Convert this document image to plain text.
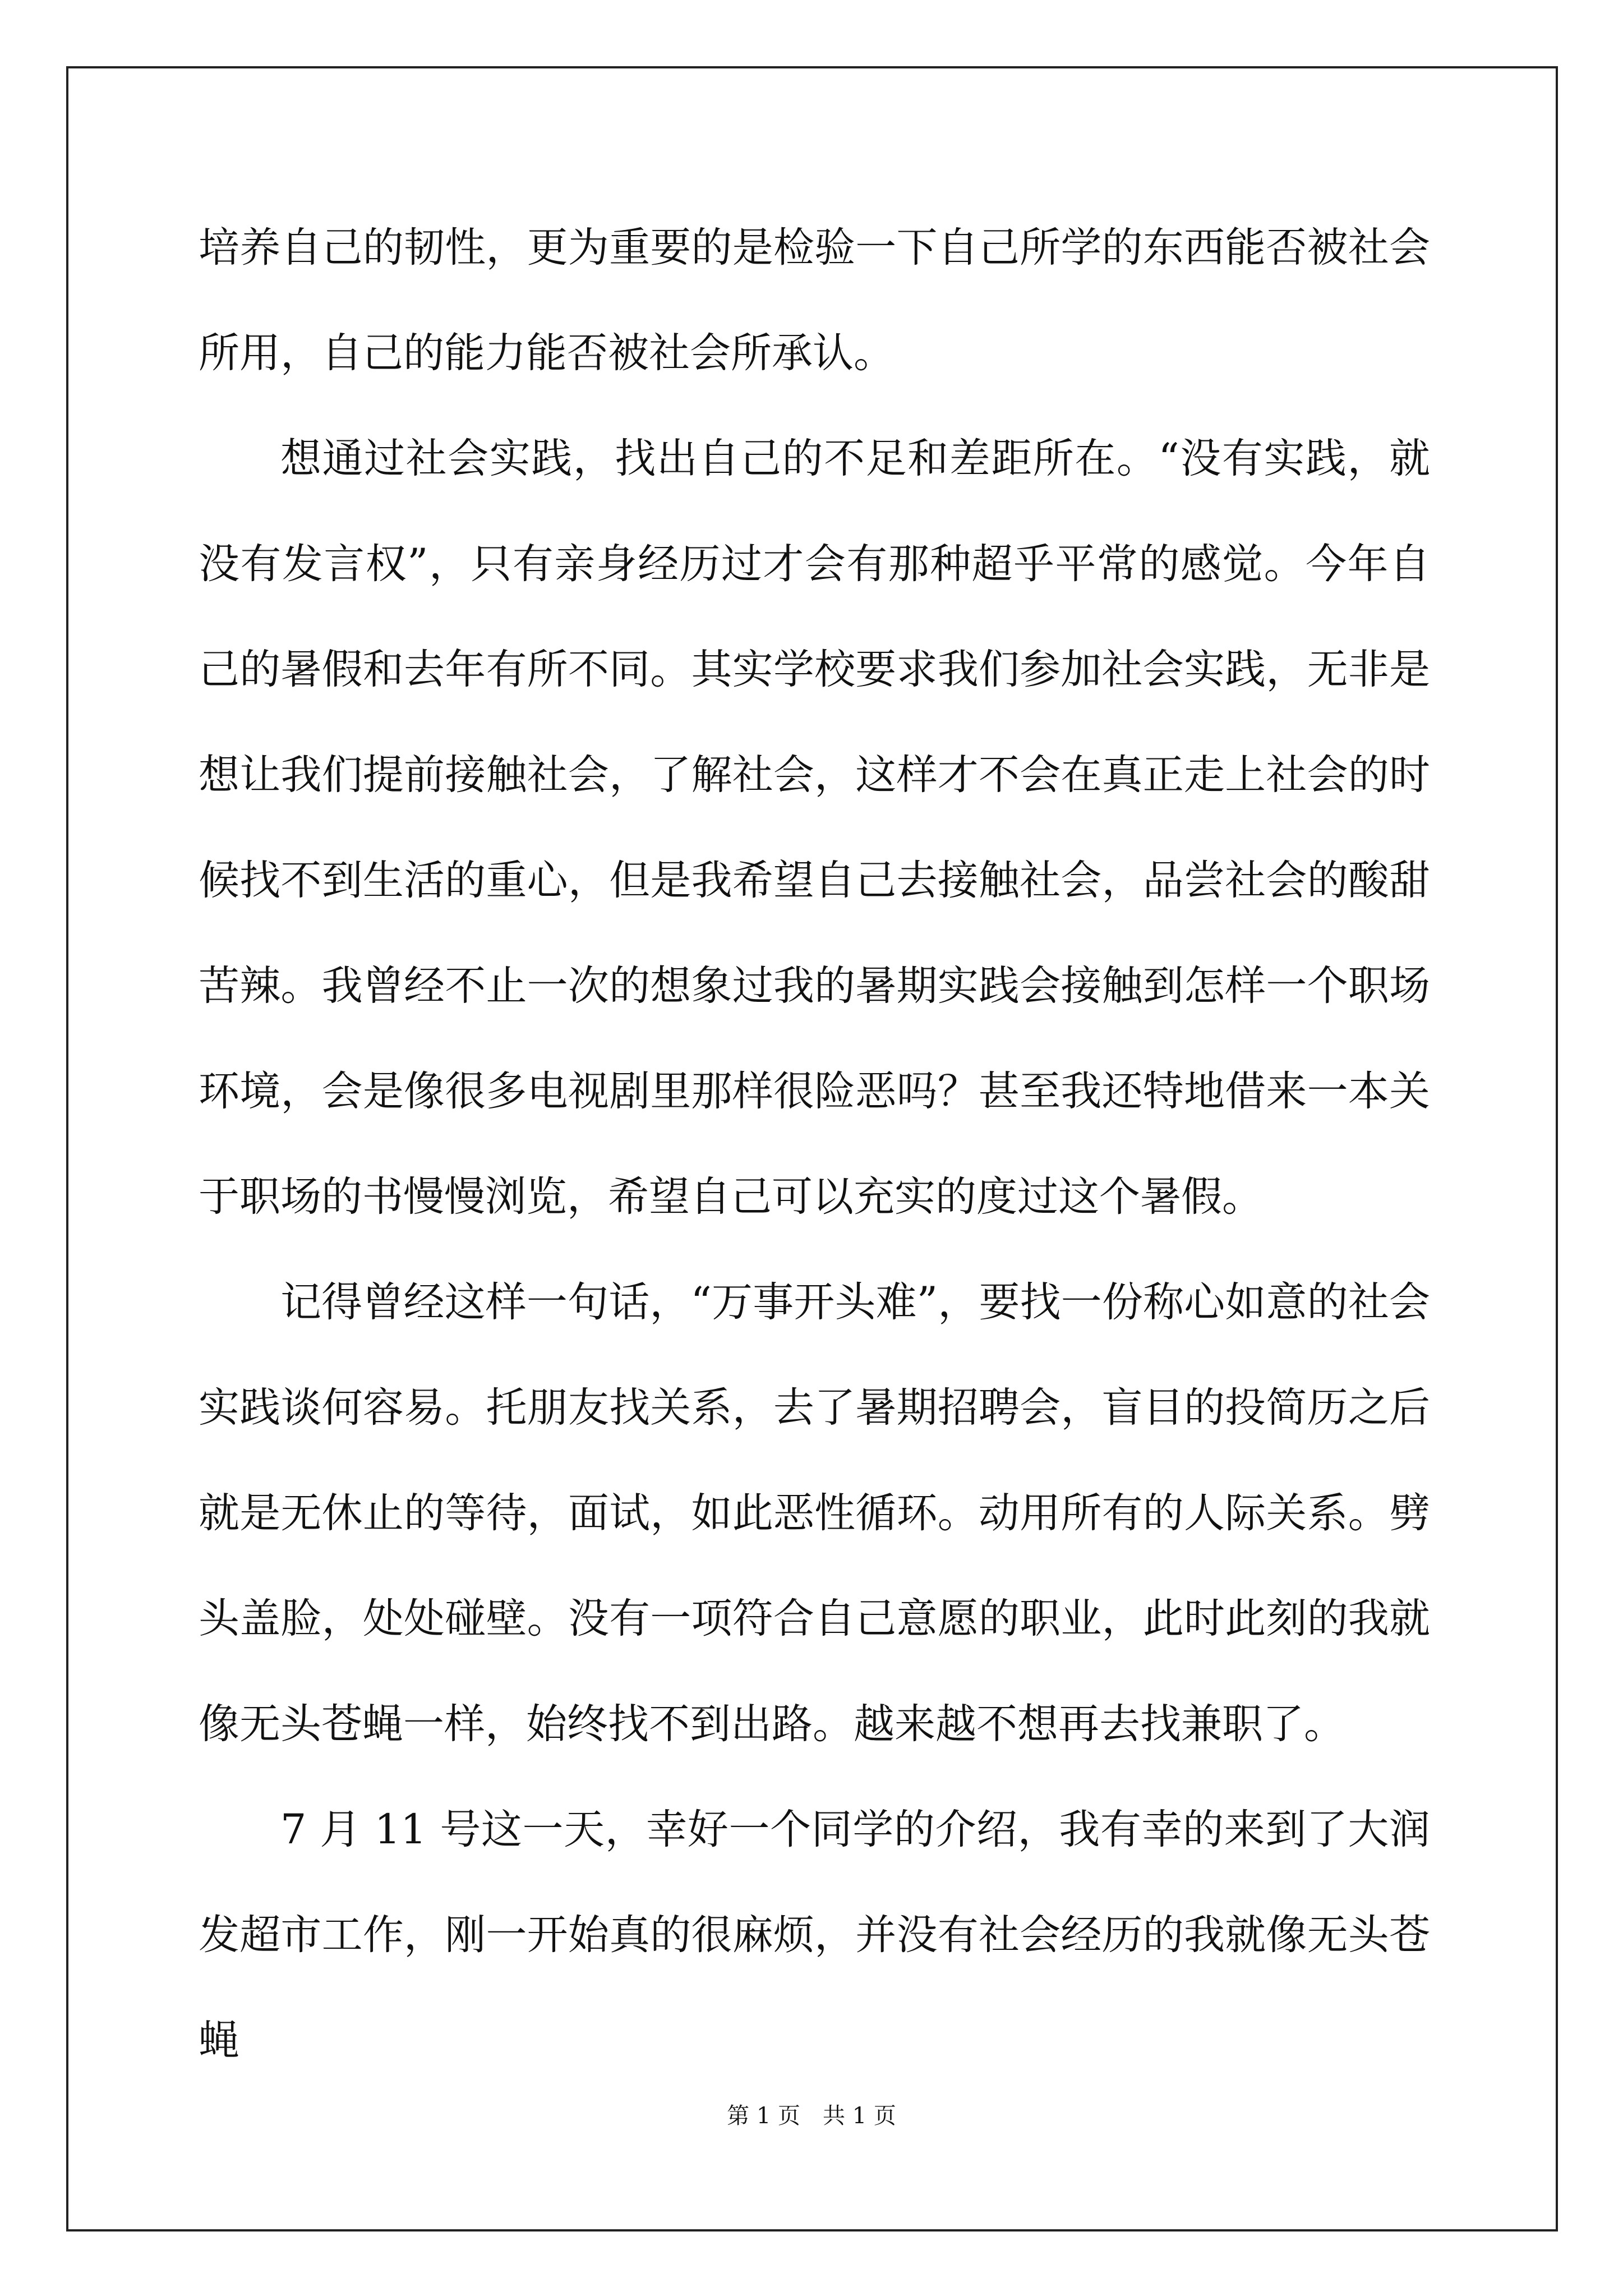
培养自己的韧性，更为重要的是检验一下自己所学的东西能否被社会所用，自己的能力能否被社会所承认。

想通过社会实践，找出自己的不足和差距所在。“没有实践，就没有发言权”，只有亲身经历过才会有那种超乎平常的感觉。今年自己的暑假和去年有所不同。其实学校要求我们参加社会实践，无非是想让我们提前接触社会，了解社会，这样才不会在真正走上社会的时候找不到生活的重心，但是我希望自己去接触社会，品尝社会的酸甜苦辣。我曾经不止一次的想象过我的暑期实践会接触到怎样一个职场环境，会是像很多电视剧里那样很险恶吗？甚至我还特地借来一本关于职场的书慢慢浏览，希望自己可以充实的度过这个暑假。

记得曾经这样一句话，“万事开头难”，要找一份称心如意的社会实践谈何容易。托朋友找关系，去了暑期招聘会，盲目的投简历之后就是无休止的等待，面试，如此恶性循环。动用所有的人际关系。劈头盖脸，处处碰壁。没有一项符合自己意愿的职业，此时此刻的我就像无头苍蝇一样，始终找不到出路。越来越不想再去找兼职了。

7 月 11 号这一天，幸好一个同学的介绍，我有幸的来到了大润发超市工作，刚一开始真的很麻烦，并没有社会经历的我就像无头苍蝇

第 1 页　共 1 页
